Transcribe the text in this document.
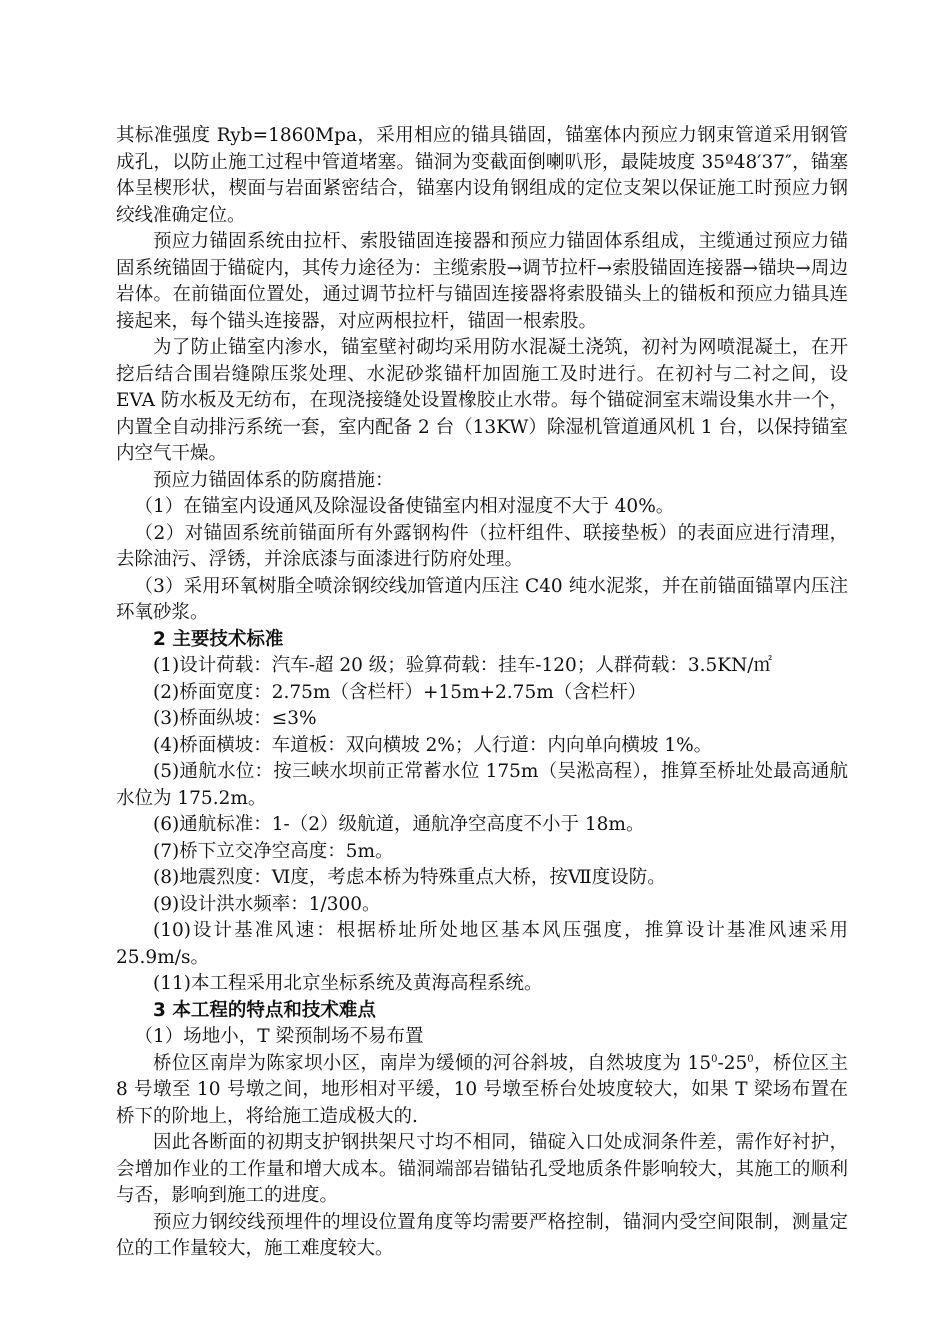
其标准强度 Ryb=1860Mpa，采用相应的锚具锚固，锚塞体内预应力钢束管道采用钢管成孔，以防止施工过程中管道堵塞。锚洞为变截面倒喇叭形，最陡坡度 35º48′37″，锚塞体呈楔形状，楔面与岩面紧密结合，锚塞内设角钢组成的定位支架以保证施工时预应力钢绞线准确定位。

预应力锚固系统由拉杆、索股锚固连接器和预应力锚固体系组成，主缆通过预应力锚固系统锚固于锚碇内，其传力途径为：主缆索股→调节拉杆→索股锚固连接器→锚块→周边岩体。在前锚面位置处，通过调节拉杆与锚固连接器将索股锚头上的锚板和预应力锚具连接起来，每个锚头连接器，对应两根拉杆，锚固一根索股。

为了防止锚室内渗水，锚室壁衬砌均采用防水混凝土浇筑，初衬为网喷混凝土，在开挖后结合围岩缝隙压浆处理、水泥砂浆锚杆加固施工及时进行。在初衬与二衬之间，设 EVA 防水板及无纺布，在现浇接缝处设置橡胶止水带。每个锚碇洞室末端设集水井一个，内置全自动排污系统一套，室内配备 2 台（13KW）除湿机管道通风机 1 台，以保持锚室内空气干燥。

预应力锚固体系的防腐措施：

（1）在锚室内设通风及除湿设备使锚室内相对湿度不大于 40%。

（2）对锚固系统前锚面所有外露钢构件（拉杆组件、联接垫板）的表面应进行清理，去除油污、浮锈，并涂底漆与面漆进行防府处理。

（3）采用环氧树脂全喷涂钢绞线加管道内压注 C40 纯水泥浆，并在前锚面锚罩内压注环氧砂浆。

2 主要技术标准

(1)设计荷载：汽车-超 20 级；验算荷载：挂车-120；人群荷载：3.5KN/㎡

(2)桥面宽度：2.75m（含栏杆）+15m+2.75m（含栏杆）

(3)桥面纵坡：≤3%

(4)桥面横坡：车道板：双向横坡 2%；人行道：内向单向横坡 1%。

(5)通航水位：按三峡水坝前正常蓄水位 175m（吴淞高程），推算至桥址处最高通航水位为 175.2m。

(6)通航标准：1-（2）级航道，通航净空高度不小于 18m。

(7)桥下立交净空高度：5m。

(8)地震烈度：Ⅵ度，考虑本桥为特殊重点大桥，按Ⅶ度设防。

(9)设计洪水频率：1/300。

(10)设计基准风速：根据桥址所处地区基本风压强度，推算设计基准风速采用 25.9m/s。

(11)本工程采用北京坐标系统及黄海高程系统。

3 本工程的特点和技术难点

（1）场地小，T 梁预制场不易布置

桥位区南岸为陈家坝小区，南岸为缓倾的河谷斜坡，自然坡度为 $15^0-25^0$，桥位区主 8 号墩至 10 号墩之间，地形相对平缓，10 号墩至桥台处坡度较大，如果 T 梁场布置在桥下的阶地上，将给施工造成极大的.

因此各断面的初期支护钢拱架尺寸均不相同，锚碇入口处成洞条件差，需作好衬护，会增加作业的工作量和增大成本。锚洞端部岩锚钻孔受地质条件影响较大，其施工的顺利与否，影响到施工的进度。

预应力钢绞线预埋件的埋设位置角度等均需要严格控制，锚洞内受空间限制，测量定位的工作量较大，施工难度较大。
